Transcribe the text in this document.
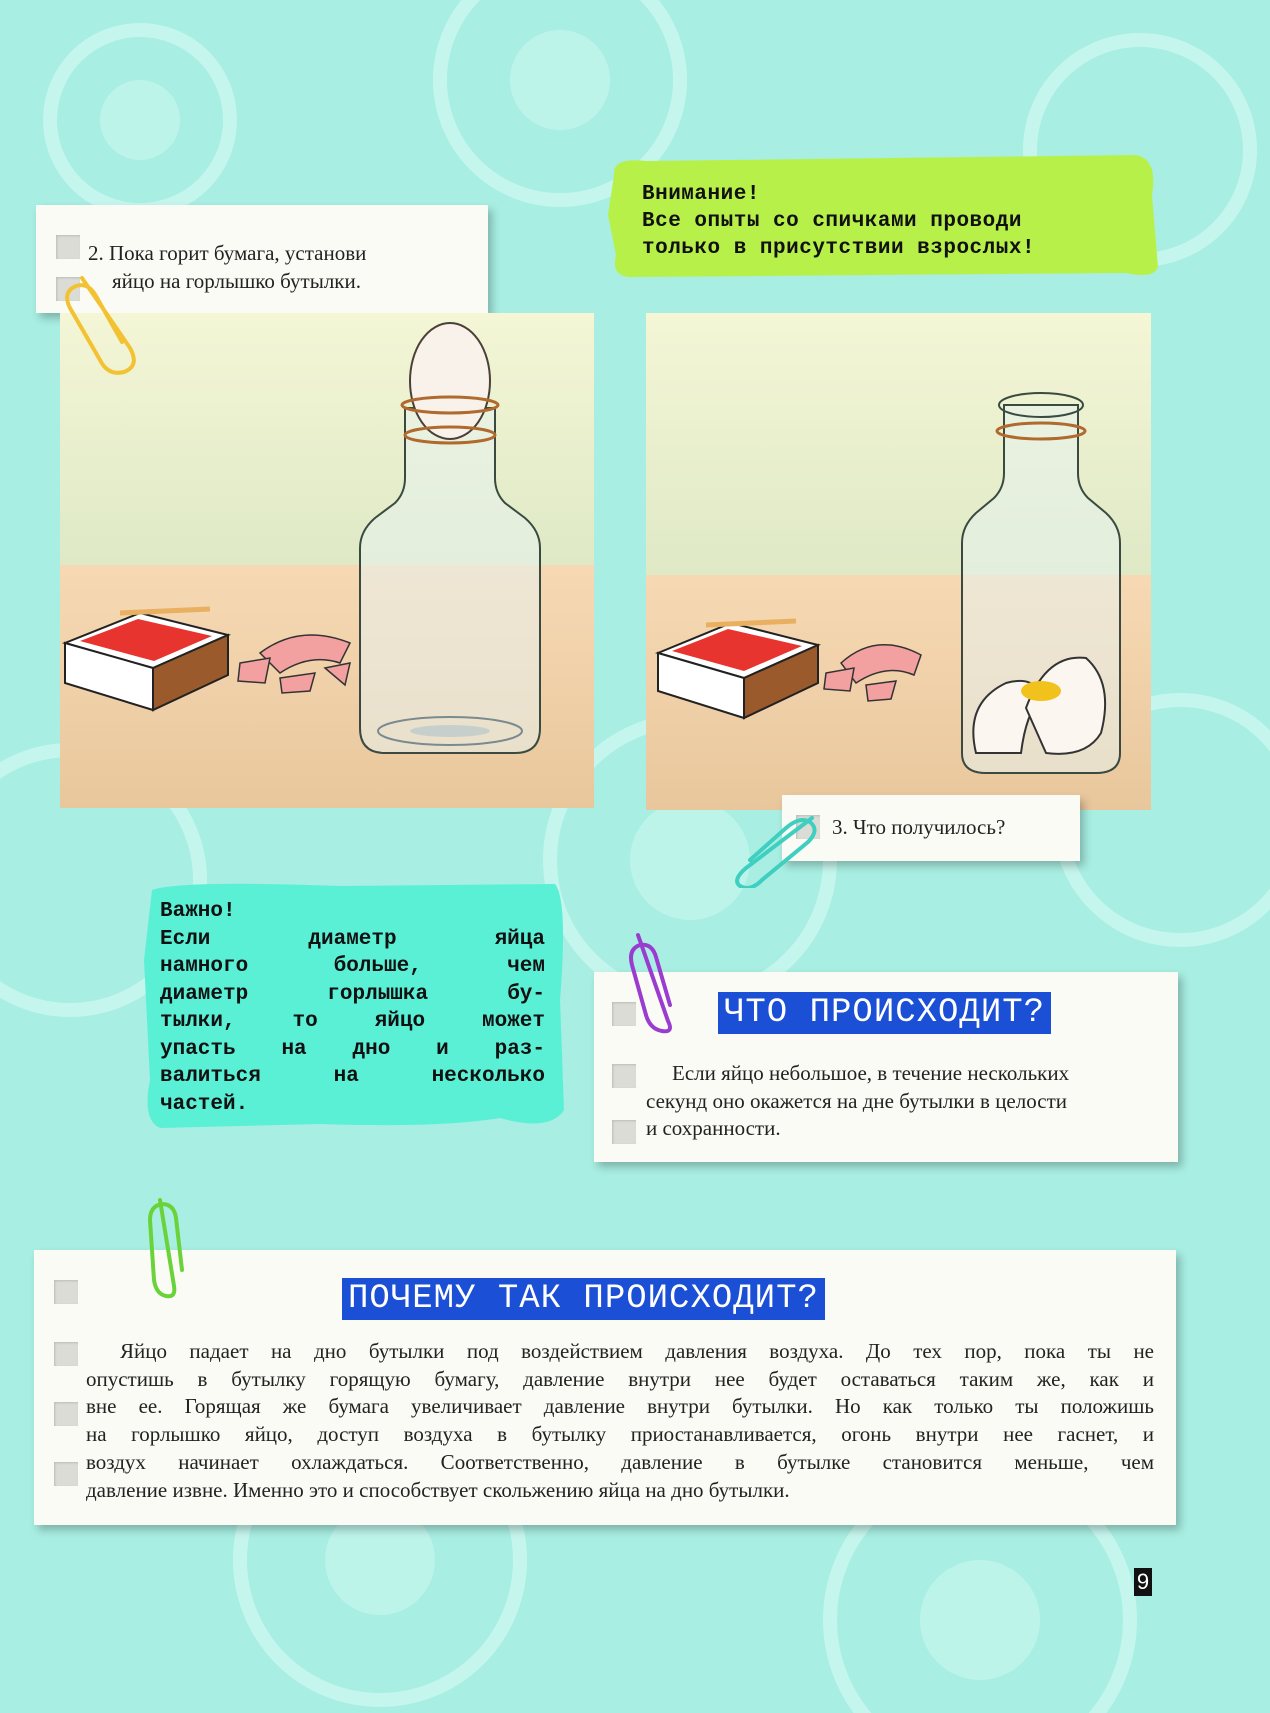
2. Пока горит бумага, установи
яйцо на горлышко бутылки.
Внимание!
Все опыты со спичками проводи
только в присутствии взрослых!
3. Что получилось?
Важно!
Если диаметр яйца
намного больше, чем
диаметр горлышка бу-
тылки, то яйцо может
упасть на дно и раз-
валиться на несколько
частей.
ЧТО ПРОИСХОДИТ?
Если яйцо небольшое, в течение нескольких
секунд оно окажется на дне бутылки в целости
и сохранности.
ПОЧЕМУ ТАК ПРОИСХОДИТ?
Яйцо падает на дно бутылки под воздействием давления воздуха. До тех пор, пока ты не
опустишь в бутылку горящую бумагу, давление внутри нее будет оставаться таким же, как и
вне ее. Горящая же бумага увеличивает давление внутри бутылки. Но как только ты положишь
на горлышко яйцо, доступ воздуха в бутылку приостанавливается, огонь внутри нее гаснет, и
воздух начинает охлаждаться. Соответственно, давление в бутылке становится меньше, чем
давление извне. Именно это и способствует скольжению яйца на дно бутылки.
9
